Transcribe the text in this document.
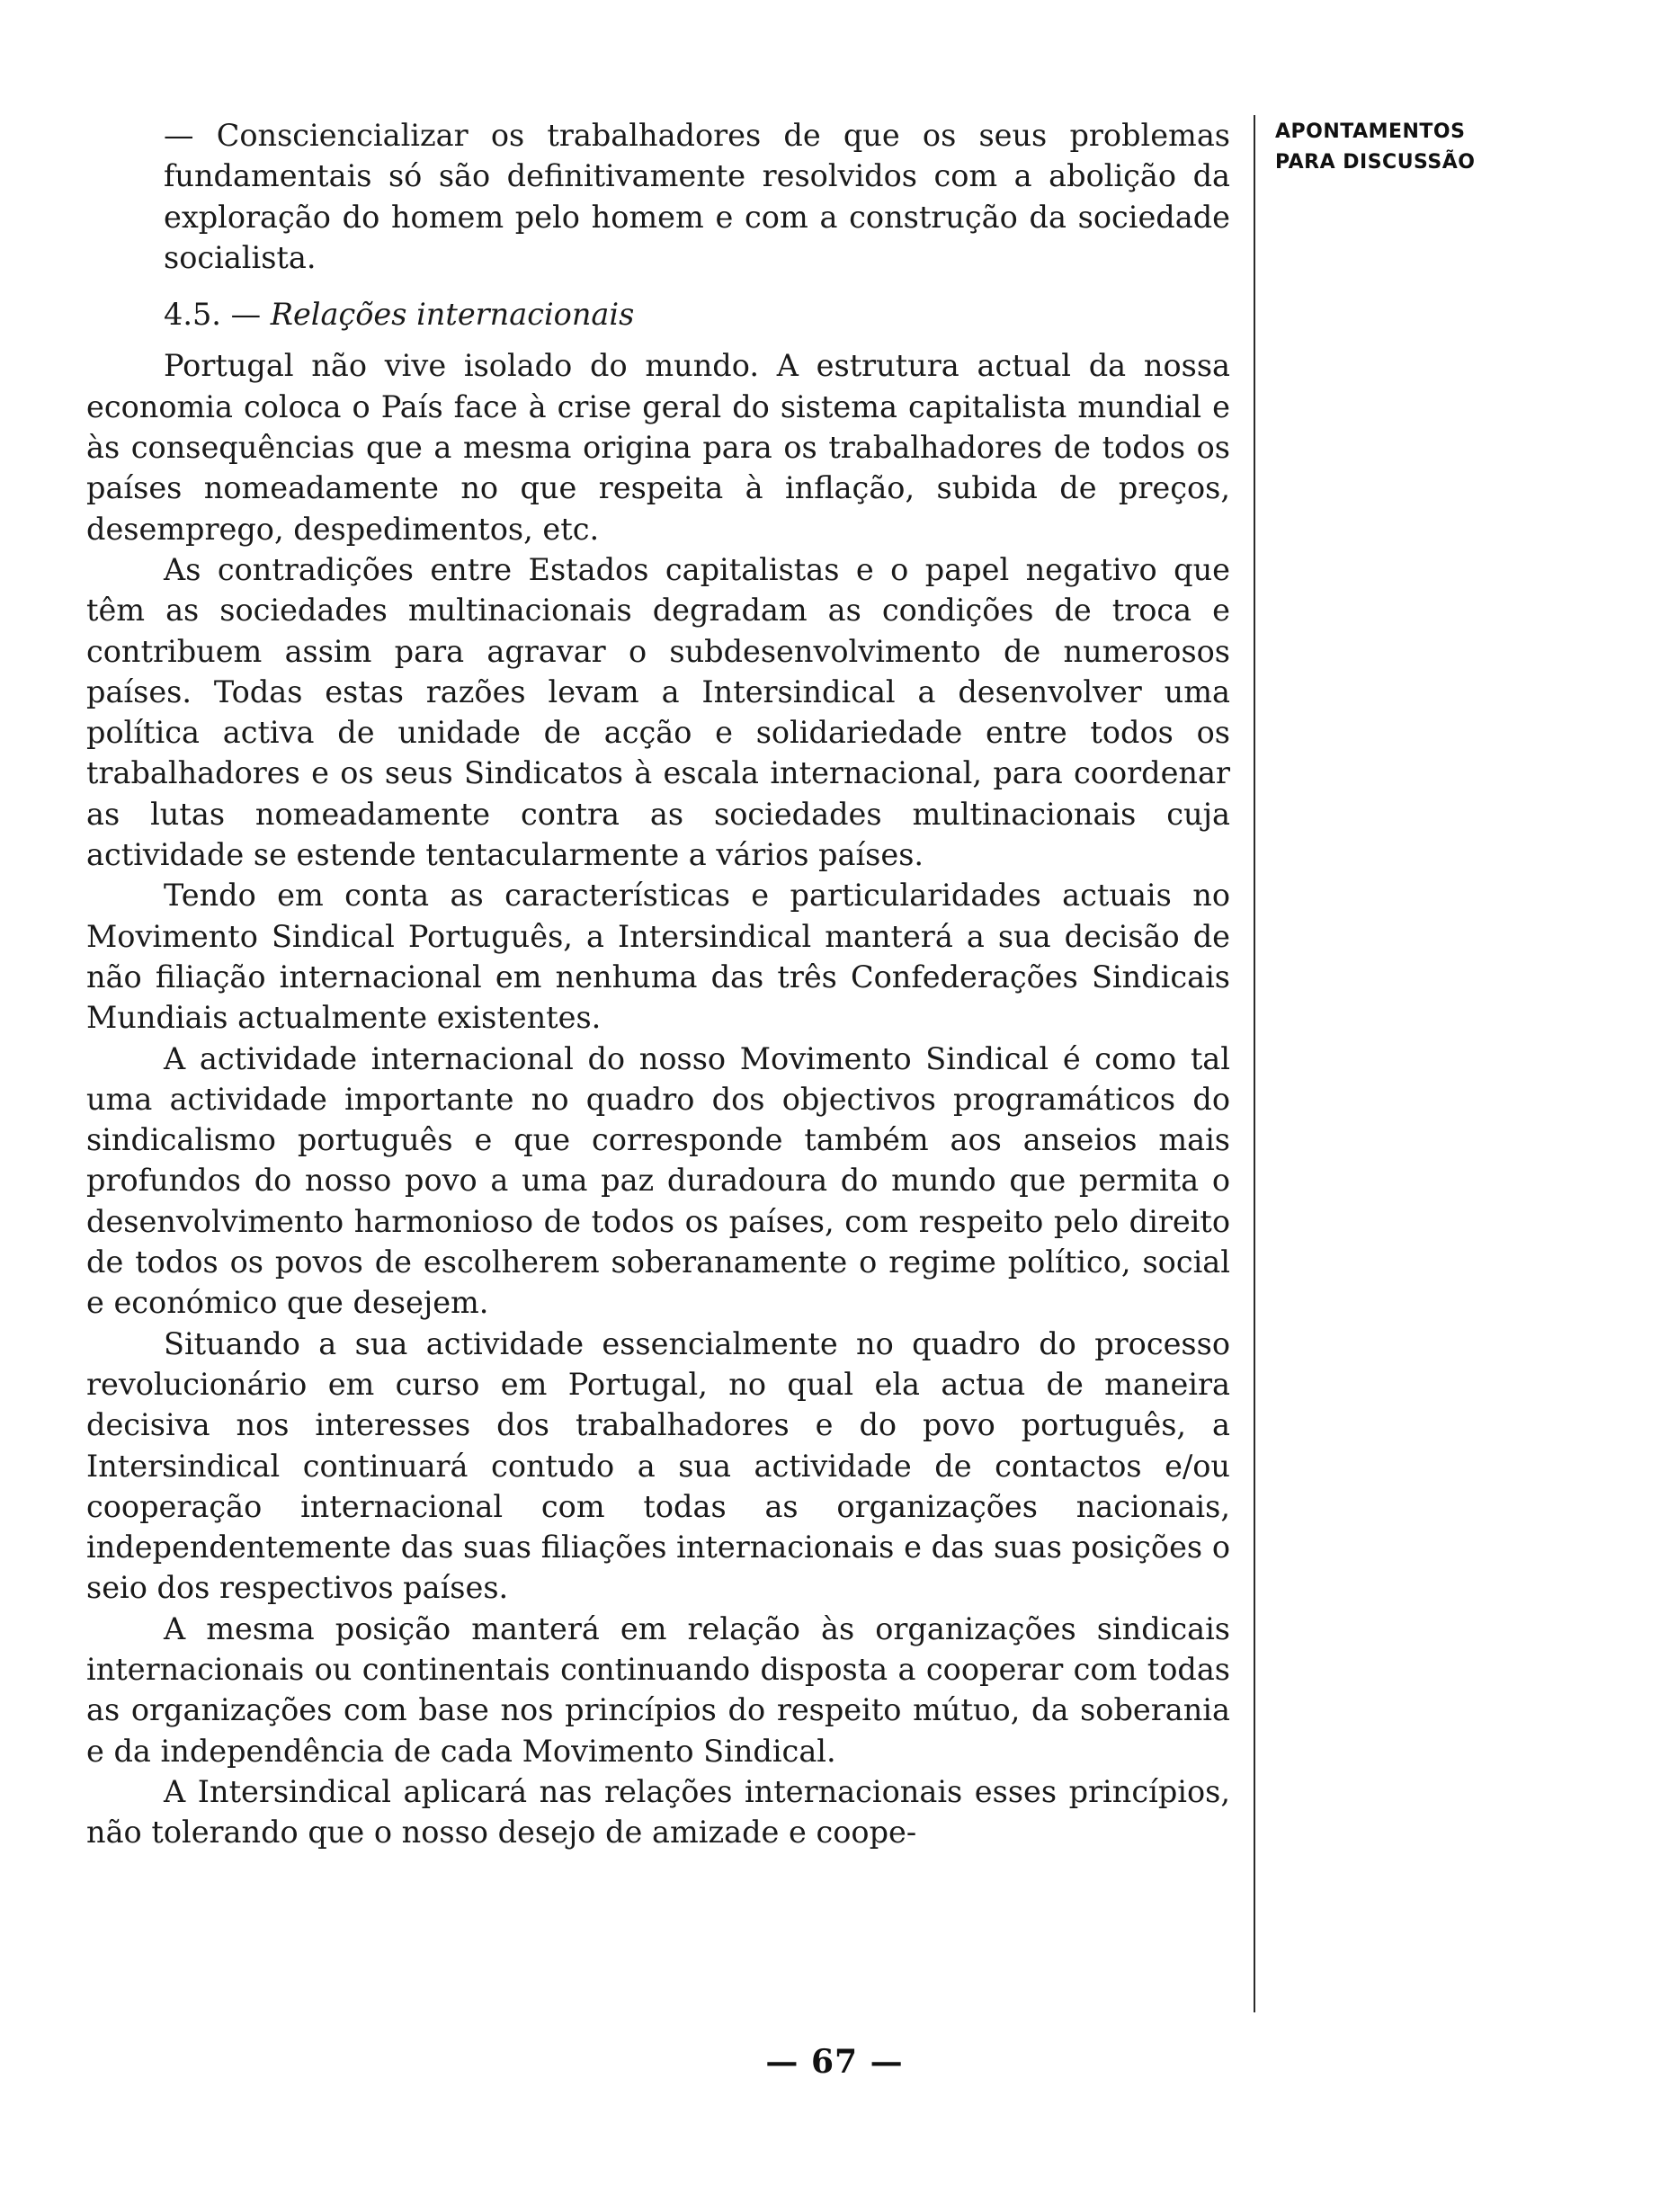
— Consciencializar os trabalhadores de que os seus problemas fundamentais só são definitivamente resolvidos com a abolição da exploração do homem pelo homem e com a construção da sociedade socialista.

4.5. — Relações internacionais

Portugal não vive isolado do mundo. A estrutura actual da nossa economia coloca o País face à crise geral do sistema capitalista mundial e às consequências que a mesma origina para os trabalhadores de todos os países nomeadamente no que respeita à inflação, subida de preços, desemprego, despedimentos, etc.

As contradições entre Estados capitalistas e o papel negativo que têm as sociedades multinacionais degradam as condições de troca e contribuem assim para agravar o subdesenvolvimento de numerosos países. Todas estas razões levam a Intersindical a desenvolver uma política activa de unidade de acção e solidariedade entre todos os trabalhadores e os seus Sindicatos à escala internacional, para coordenar as lutas nomeadamente contra as sociedades multinacionais cuja actividade se estende tentacularmente a vários países.

Tendo em conta as características e particularidades actuais no Movimento Sindical Português, a Intersindical manterá a sua decisão de não filiação internacional em nenhuma das três Confederações Sindicais Mundiais actualmente existentes.

A actividade internacional do nosso Movimento Sindical é como tal uma actividade importante no quadro dos objectivos programáticos do sindicalismo português e que corresponde também aos anseios mais profundos do nosso povo a uma paz duradoura do mundo que permita o desenvolvimento harmonioso de todos os países, com respeito pelo direito de todos os povos de escolherem soberanamente o regime político, social e económico que desejem.

Situando a sua actividade essencialmente no quadro do processo revolucionário em curso em Portugal, no qual ela actua de maneira decisiva nos interesses dos trabalhadores e do povo português, a Intersindical continuará contudo a sua actividade de contactos e/ou cooperação internacional com todas as organizações nacionais, independentemente das suas filiações internacionais e das suas posições o seio dos respectivos países.

A mesma posição manterá em relação às organizações sindicais internacionais ou continentais continuando disposta a cooperar com todas as organizações com base nos princípios do respeito mútuo, da soberania e da independência de cada Movimento Sindical.

A Intersindical aplicará nas relações internacionais esses princípios, não tolerando que o nosso desejo de amizade e coope-

APONTAMENTOS
PARA DISCUSSÃO
— 67 —
